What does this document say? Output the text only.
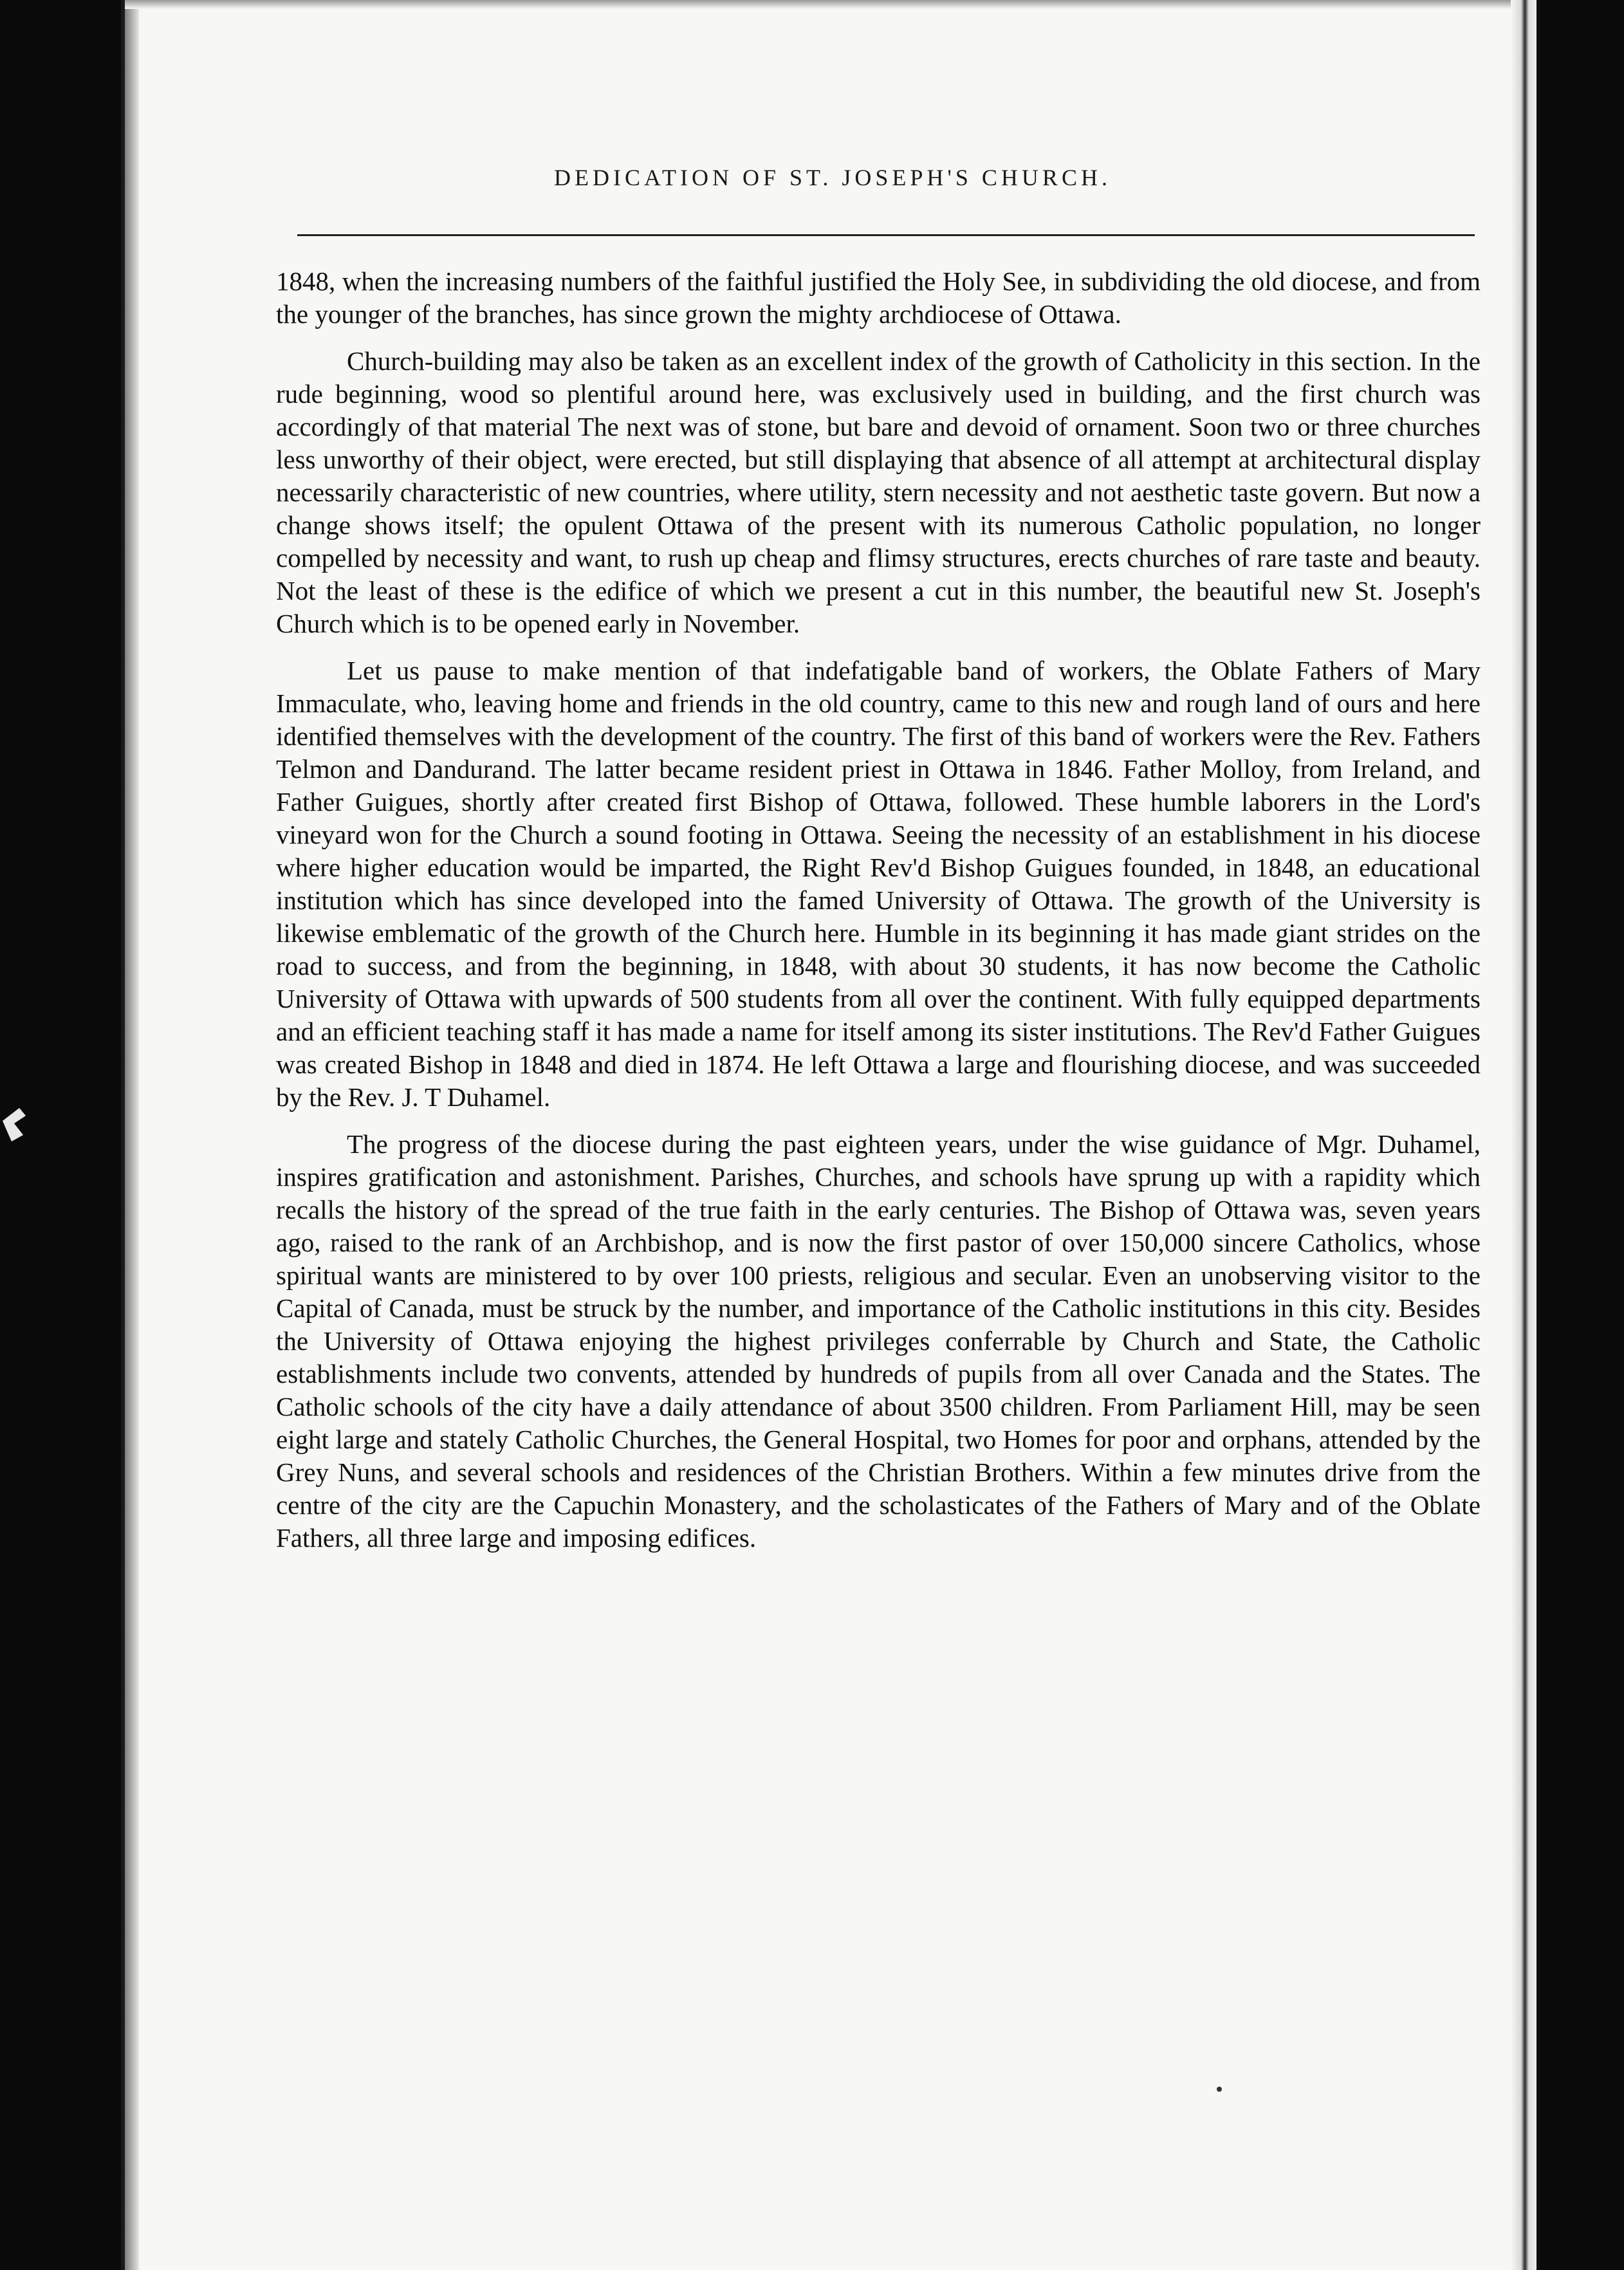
DEDICATION OF ST. JOSEPH'S CHURCH.

1848, when the increasing numbers of the faithful justified the Holy See, in subdividing the old diocese, and from the younger of the branches, has since grown the mighty archdiocese of Ottawa.

Church-building may also be taken as an excellent index of the growth of Catholicity in this section. In the rude beginning, wood so plentiful around here, was exclusively used in building, and the first church was accordingly of that material The next was of stone, but bare and devoid of ornament. Soon two or three churches less unworthy of their object, were erected, but still displaying that absence of all attempt at architectural display necessarily characteristic of new countries, where utility, stern necessity and not aesthetic taste govern. But now a change shows itself; the opulent Ottawa of the present with its numerous Catholic population, no longer compelled by necessity and want, to rush up cheap and flimsy structures, erects churches of rare taste and beauty. Not the least of these is the edifice of which we present a cut in this number, the beautiful new St. Joseph's Church which is to be opened early in November.

Let us pause to make mention of that indefatigable band of workers, the Oblate Fathers of Mary Immaculate, who, leaving home and friends in the old country, came to this new and rough land of ours and here identified themselves with the development of the country. The first of this band of workers were the Rev. Fathers Telmon and Dandurand. The latter became resident priest in Ottawa in 1846. Father Molloy, from Ireland, and Father Guigues, shortly after created first Bishop of Ottawa, followed. These humble laborers in the Lord's vineyard won for the Church a sound footing in Ottawa. Seeing the necessity of an establishment in his diocese where higher education would be imparted, the Right Rev'd Bishop Guigues founded, in 1848, an educational institution which has since developed into the famed University of Ottawa. The growth of the University is likewise emblematic of the growth of the Church here. Humble in its beginning it has made giant strides on the road to success, and from the beginning, in 1848, with about 30 students, it has now become the Catholic University of Ottawa with upwards of 500 students from all over the continent. With fully equipped departments and an efficient teaching staff it has made a name for itself among its sister institutions. The Rev'd Father Guigues was created Bishop in 1848 and died in 1874. He left Ottawa a large and flourishing diocese, and was succeeded by the Rev. J. T Duhamel.

The progress of the diocese during the past eighteen years, under the wise guidance of Mgr. Duhamel, inspires gratification and astonishment. Parishes, Churches, and schools have sprung up with a rapidity which recalls the history of the spread of the true faith in the early centuries. The Bishop of Ottawa was, seven years ago, raised to the rank of an Archbishop, and is now the first pastor of over 150,000 sincere Catholics, whose spiritual wants are ministered to by over 100 priests, religious and secular. Even an unobserving visitor to the Capital of Canada, must be struck by the number, and importance of the Catholic institutions in this city. Besides the University of Ottawa enjoying the highest privileges conferrable by Church and State, the Catholic establishments include two convents, attended by hundreds of pupils from all over Canada and the States. The Catholic schools of the city have a daily attendance of about 3500 children. From Parliament Hill, may be seen eight large and stately Catholic Churches, the General Hospital, two Homes for poor and orphans, attended by the Grey Nuns, and several schools and residences of the Christian Brothers. Within a few minutes drive from the centre of the city are the Capuchin Monastery, and the scholasticates of the Fathers of Mary and of the Oblate Fathers, all three large and imposing edifices.
